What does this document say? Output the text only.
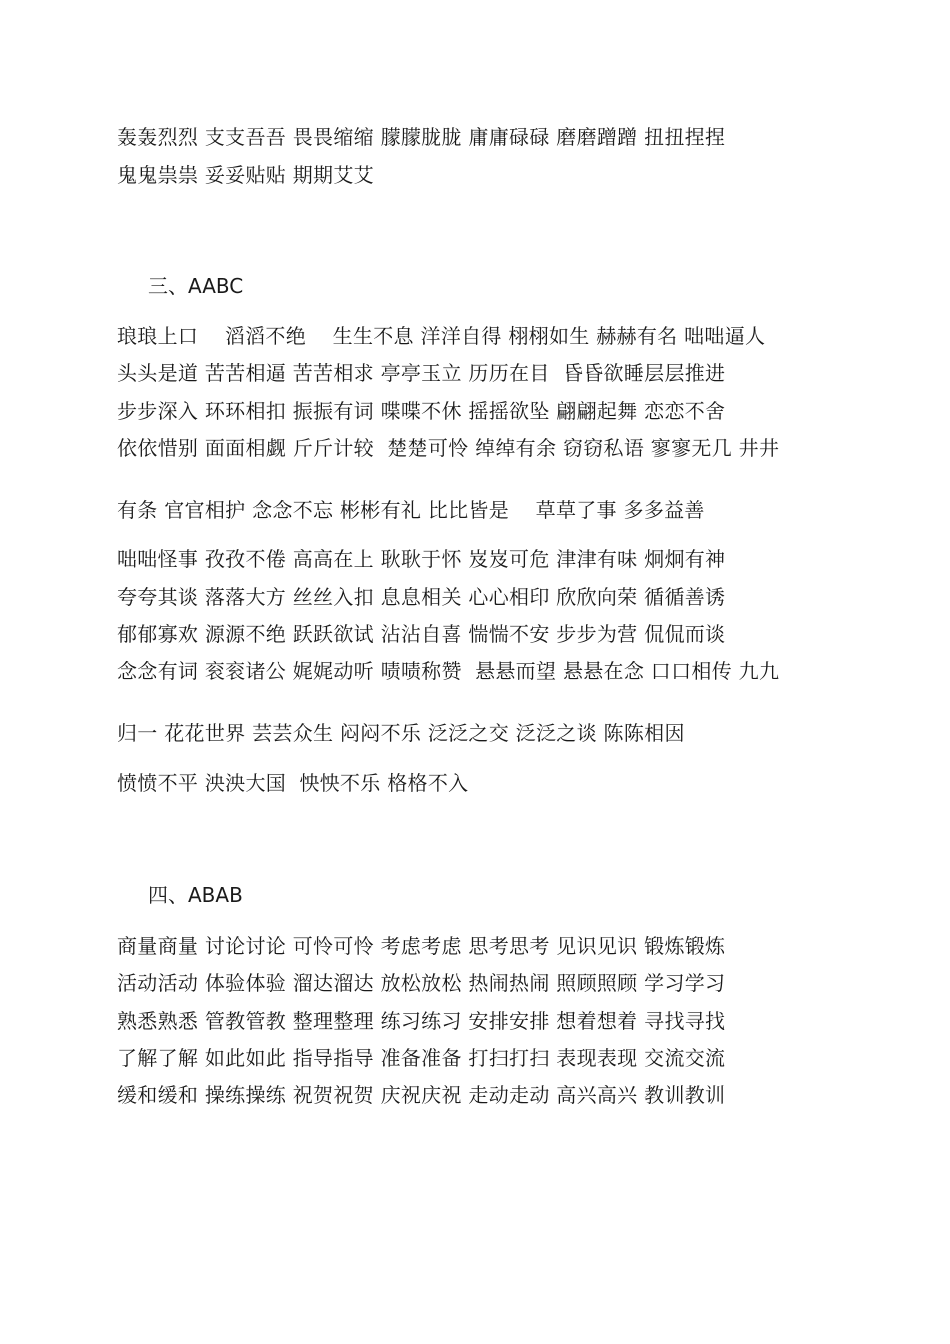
轰轰烈烈 支支吾吾 畏畏缩缩 朦朦胧胧 庸庸碌碌 磨磨蹭蹭 扭扭捏捏
鬼鬼祟祟 妥妥贴贴 期期艾艾
三、AABC
琅琅上口    滔滔不绝    生生不息 洋洋自得 栩栩如生 赫赫有名 咄咄逼人
头头是道 苦苦相逼 苦苦相求 亭亭玉立 历历在目  昏昏欲睡层层推进
步步深入 环环相扣 振振有词 喋喋不休 摇摇欲坠 翩翩起舞 恋恋不舍
依依惜别 面面相觑 斤斤计较  楚楚可怜 绰绰有余 窃窃私语 寥寥无几 井井
有条 官官相护 念念不忘 彬彬有礼 比比皆是    草草了事 多多益善
咄咄怪事 孜孜不倦 高高在上 耿耿于怀 岌岌可危 津津有味 炯炯有神
夸夸其谈 落落大方 丝丝入扣 息息相关 心心相印 欣欣向荣 循循善诱
郁郁寡欢 源源不绝 跃跃欲试 沾沾自喜 惴惴不安 步步为营 侃侃而谈
念念有词 衮衮诸公 娓娓动听 啧啧称赞  悬悬而望 悬悬在念 口口相传 九九
归一 花花世界 芸芸众生 闷闷不乐 泛泛之交 泛泛之谈 陈陈相因
愤愤不平 泱泱大国  怏怏不乐 格格不入
四、ABAB
商量商量 讨论讨论 可怜可怜 考虑考虑 思考思考 见识见识 锻炼锻炼
活动活动 体验体验 溜达溜达 放松放松 热闹热闹 照顾照顾 学习学习
熟悉熟悉 管教管教 整理整理 练习练习 安排安排 想着想着 寻找寻找
了解了解 如此如此 指导指导 准备准备 打扫打扫 表现表现 交流交流
缓和缓和 操练操练 祝贺祝贺 庆祝庆祝 走动走动 高兴高兴 教训教训
